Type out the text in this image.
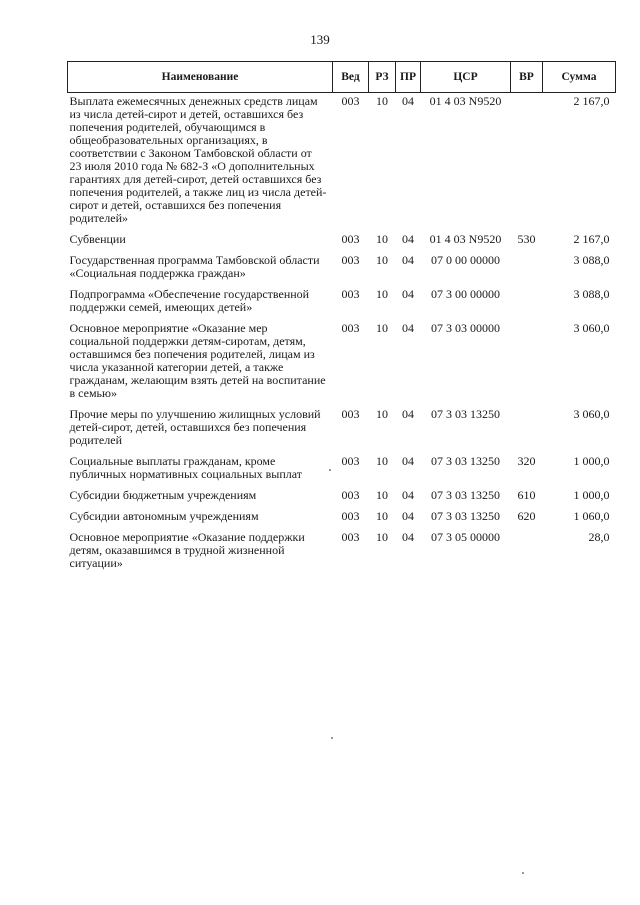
139
Наименование	Вед	РЗ	ПР	ЦСР	ВР	Сумма
Выплата ежемесячных денежных средств лицам из числа детей-сирот и детей, оставшихся без попечения родителей, обучающимся в общеобразовательных организациях, в соответствии с Законом Тамбовской области от 23 июля 2010 года № 682-З «О дополнительных гарантиях для детей-сирот, детей оставшихся без попечения родителей, а также лиц из числа детей-сирот и детей, оставшихся без попечения родителей»	003	10	04	01 4 03 N9520		2 167,0
Субвенции	003	10	04	01 4 03 N9520	530	2 167,0
Государственная программа Тамбовской области «Социальная поддержка граждан»	003	10	04	07 0 00 00000		3 088,0
Подпрограмма «Обеспечение государственной поддержки семей, имеющих детей»	003	10	04	07 3 00 00000		3 088,0
Основное мероприятие «Оказание мер социальной поддержки детям-сиротам, детям, оставшимся без попечения родителей, лицам из числа указанной категории детей, а также гражданам, желающим взять детей на воспитание в семью»	003	10	04	07 3 03 00000		3 060,0
Прочие меры по улучшению жилищных условий детей-сирот, детей, оставшихся без попечения родителей	003	10	04	07 3 03 13250		3 060,0
Социальные выплаты гражданам, кроме публичных нормативных социальных выплат	003	10	04	07 3 03 13250	320	1 000,0
Субсидии бюджетным учреждениям	003	10	04	07 3 03 13250	610	1 000,0
Субсидии автономным учреждениям	003	10	04	07 3 03 13250	620	1 060,0
Основное мероприятие «Оказание поддержки детям, оказавшимся в трудной жизненной ситуации»	003	10	04	07 3 05 00000		28,0
